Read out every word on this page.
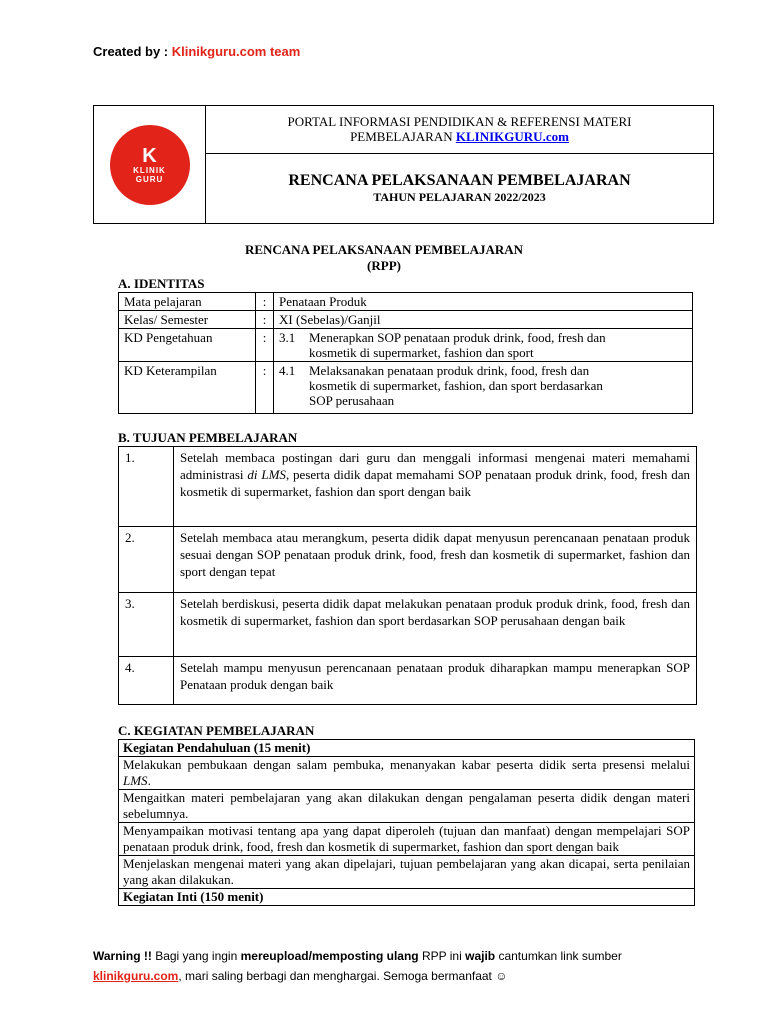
Created by : Klinikguru.com team
K
KLINIK
GURU
PORTAL INFORMASI PENDIDIKAN & REFERENSI MATERI
PEMBELAJARAN KLINIKGURU.com
RENCANA PELAKSANAAN PEMBELAJARAN
TAHUN PELAJARAN 2022/2023
RENCANA PELAKSANAAN PEMBELAJARAN
(RPP)
A. IDENTITAS
Mata pelajaran	:	Penataan Produk
Kelas/ Semester	:	XI (Sebelas)/Ganjil
KD Pengetahuan	:	3.1 Menerapkan SOP penataan produk drink, food, fresh dan
kosmetik di supermarket, fashion dan sport

KD Keterampilan	:	4.1 Melaksanakan penataan produk drink, food, fresh dan
kosmetik di supermarket, fashion, dan sport berdasarkan
SOP perusahaan
B. TUJUAN PEMBELAJARAN
1.	Setelah membaca postingan dari guru dan menggali informasi mengenai materi memahami administrasi di LMS, peserta didik dapat memahami SOP penataan produk drink, food, fresh dan kosmetik di supermarket, fashion dan sport dengan baik
2.	Setelah membaca atau merangkum, peserta didik dapat menyusun perencanaan penataan produk sesuai dengan SOP penataan produk drink, food, fresh dan kosmetik di supermarket, fashion dan sport dengan tepat
3.	Setelah berdiskusi, peserta didik dapat melakukan penataan produk produk drink, food, fresh dan kosmetik di supermarket, fashion dan sport berdasarkan SOP perusahaan dengan baik
4.	Setelah mampu menyusun perencanaan penataan produk diharapkan mampu menerapkan SOP Penataan produk dengan baik
C. KEGIATAN PEMBELAJARAN
Kegiatan Pendahuluan (15 menit)
Melakukan pembukaan dengan salam pembuka, menanyakan kabar peserta didik serta presensi melalui LMS.
Mengaitkan materi pembelajaran yang akan dilakukan dengan pengalaman peserta didik dengan materi sebelumnya.
Menyampaikan motivasi tentang apa yang dapat diperoleh (tujuan dan manfaat) dengan mempelajari SOP penataan produk drink, food, fresh dan kosmetik di supermarket, fashion dan sport dengan baik
Menjelaskan mengenai materi yang akan dipelajari, tujuan pembelajaran yang akan dicapai, serta penilaian yang akan dilakukan.
Kegiatan Inti (150 menit)
Warning !! Bagi yang ingin mereupload/memposting ulang RPP ini wajib cantumkan link sumber
klinikguru.com, mari saling berbagi dan menghargai. Semoga bermanfaat ☺
